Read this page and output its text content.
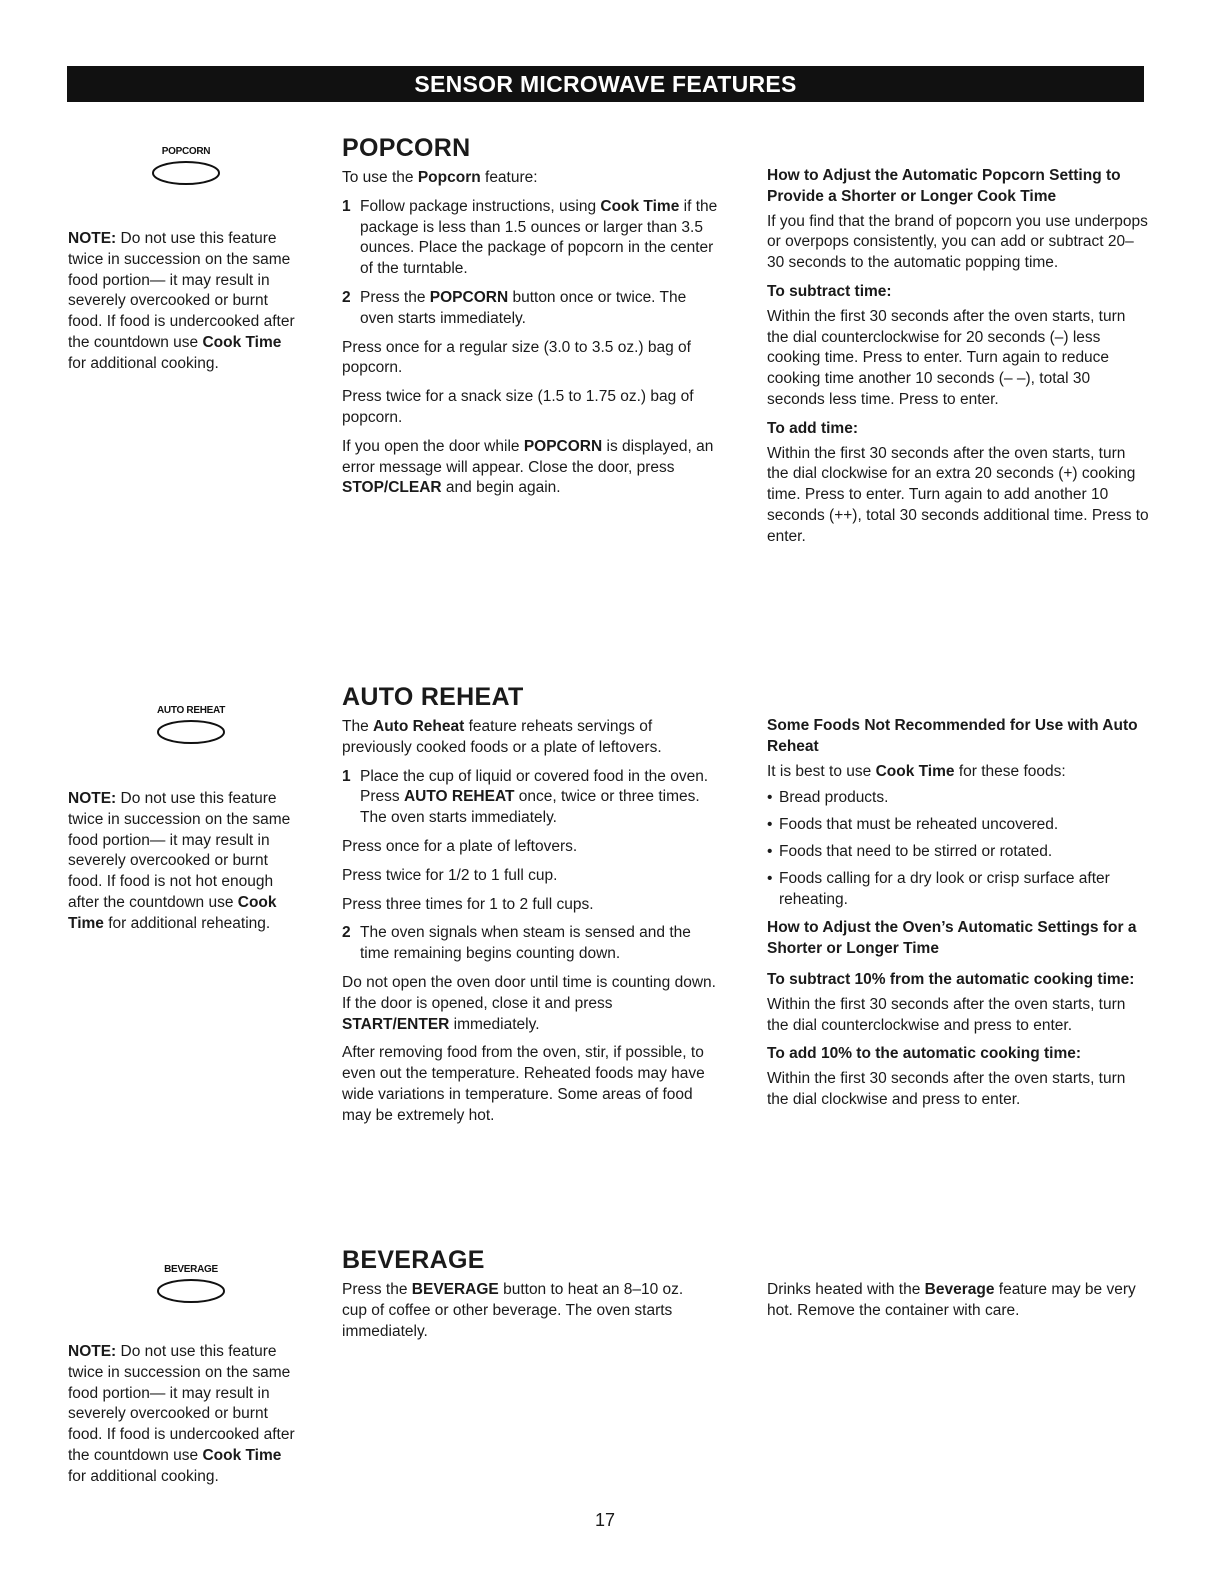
SENSOR MICROWAVE FEATURES
POPCORN
NOTE: Do not use this feature twice in succession on the same food portion— it may result in severely overcooked or burnt food. If food is undercooked after the countdown use Cook Time for additional cooking.
POPCORN

To use the Popcorn feature:

1 Follow package instructions, using Cook Time if the package is less than 1.5 ounces or larger than 3.5 ounces. Place the package of popcorn in the center of the turntable.
2 Press the POPCORN button once or twice. The oven starts immediately.

Press once for a regular size (3.0 to 3.5 oz.) bag of popcorn.

Press twice for a snack size (1.5 to 1.75 oz.) bag of popcorn.

If you open the door while POPCORN is displayed, an error message will appear. Close the door, press STOP/CLEAR and begin again.

How to Adjust the Automatic Popcorn Setting to Provide a Shorter or Longer Cook Time

If you find that the brand of popcorn you use underpops or overpops consistently, you can add or subtract 20–30 seconds to the automatic popping time.

To subtract time:

Within the first 30 seconds after the oven starts, turn the dial counterclockwise for 20 seconds (–) less cooking time. Press to enter. Turn again to reduce cooking time another 10 seconds (– –), total 30 seconds less time. Press to enter.

To add time:

Within the first 30 seconds after the oven starts, turn the dial clockwise for an extra 20 seconds (+) cooking time. Press to enter. Turn again to add another 10 seconds (++), total 30 seconds additional time. Press to enter.

AUTO REHEAT
NOTE: Do not use this feature twice in succession on the same food portion— it may result in severely overcooked or burnt food. If food is not hot enough after the countdown use Cook Time for additional reheating.
AUTO REHEAT

The Auto Reheat feature reheats servings of previously cooked foods or a plate of leftovers.

1 Place the cup of liquid or covered food in the oven. Press AUTO REHEAT once, twice or three times. The oven starts immediately.

Press once for a plate of leftovers.

Press twice for 1/2 to 1 full cup.

Press three times for 1 to 2 full cups.

2 The oven signals when steam is sensed and the time remaining begins counting down.

Do not open the oven door until time is counting down. If the door is opened, close it and press START/ENTER immediately.

After removing food from the oven, stir, if possible, to even out the temperature. Reheated foods may have wide variations in temperature. Some areas of food may be extremely hot.

Some Foods Not Recommended for Use with Auto Reheat

It is best to use Cook Time for these foods:

• Bread products.
• Foods that must be reheated uncovered.
• Foods that need to be stirred or rotated.
• Foods calling for a dry look or crisp surface after reheating.
How to Adjust the Oven’s Automatic Settings for a Shorter or Longer Time
To subtract 10% from the automatic cooking time:

Within the first 30 seconds after the oven starts, turn the dial counterclockwise and press to enter.

To add 10% to the automatic cooking time:

Within the first 30 seconds after the oven starts, turn the dial clockwise and press to enter.

BEVERAGE
NOTE: Do not use this feature twice in succession on the same food portion— it may result in severely overcooked or burnt food. If food is undercooked after the countdown use Cook Time for additional cooking.
BEVERAGE

Press the BEVERAGE button to heat an 8–10 oz. cup of coffee or other beverage. The oven starts immediately.

Drinks heated with the Beverage feature may be very hot. Remove the container with care.

17
